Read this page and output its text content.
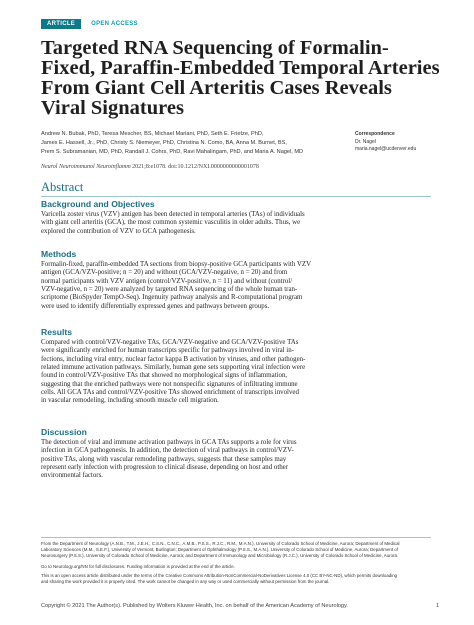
ARTICLE	OPEN ACCESS
Targeted RNA Sequencing of Formalin-Fixed, Paraffin-Embedded Temporal Arteries From Giant Cell Arteritis Cases Reveals Viral Signatures
Andrew N. Bubak, PhD, Teresa Mescher, BS, Michael Mariani, PhD, Seth E. Frietze, PhD,
James E. Hassell, Jr., PhD, Christy S. Niemeyer, PhD, Christina N. Como, BA, Anna M. Burnet, BS,
Prem S. Subramanian, MD, PhD, Randall J. Cohrs, PhD, Ravi Mahalingam, PhD, and Maria A. Nagel, MD
Correspondence
Dr. Nagel
maria.nagel@ucdenver.edu
Neurol Neuroimmunol Neuroinflamm 2021;8:e1078. doi:10.1212/NXI.0000000000001078
Abstract
Background and Objectives

Varicella zoster virus (VZV) antigen has been detected in temporal arteries (TAs) of individuals
with giant cell arteritis (GCA), the most common systemic vasculitis in older adults. Thus, we
explored the contribution of VZV to GCA pathogenesis.

Methods

Formalin-fixed, paraffin-embedded TA sections from biopsy-positive GCA participants with VZV
antigen (GCA/VZV-positive; n = 20) and without (GCA/VZV-negative, n = 20) and from
normal participants with VZV antigen (control/VZV-positive, n = 11) and without (control/
VZV-negative, n = 20) were analyzed by targeted RNA sequencing of the whole human tran-
scriptome (BioSpyder TempO-Seq). Ingenuity pathway analysis and R-computational program
were used to identify differentially expressed genes and pathways between groups.

Results

Compared with control/VZV-negative TAs, GCA/VZV-negative and GCA/VZV-positive TAs
were significantly enriched for human transcripts specific for pathways involved in viral in-
fections, including viral entry, nuclear factor kappa B activation by viruses, and other pathogen-
related immune activation pathways. Similarly, human gene sets supporting viral infection were
found in control/VZV-positive TAs that showed no morphological signs of inflammation,
suggesting that the enriched pathways were not nonspecific signatures of infiltrating immune
cells. All GCA TAs and control/VZV-positive TAs showed enrichment of transcripts involved
in vascular remodeling, including smooth muscle cell migration.

Discussion

The detection of viral and immune activation pathways in GCA TAs supports a role for virus
infection in GCA pathogenesis. In addition, the detection of viral pathways in control/VZV-
positive TAs, along with vascular remodeling pathways, suggests that these samples may
represent early infection with progression to clinical disease, depending on host and other
environmental factors.

From the Department of Neurology (A.N.B., T.M., J.E.H., C.S.N., C.N.C., A.M.B., P.S.S., R.J.C., R.M., M.A.N.), University of Colorado School of Medicine, Aurora; Department of Medical
Laboratory Sciences (M.M., S.E.F.), University of Vermont, Burlington; Department of Ophthalmology (P.S.S., M.A.N.), University of Colorado School of Medicine, Aurora; Department of
Neurosurgery (P.S.S.), University of Colorado School of Medicine, Aurora; and Department of Immunology and Microbiology (R.J.C.), University of Colorado School of Medicine, Aurora.
Go to Neurology.org/NN for full disclosures. Funding information is provided at the end of the article.
This is an open access article distributed under the terms of the Creative Commons Attribution-NonCommercial-NoDerivatives License 4.0 (CC BY-NC-ND), which permits downloading
and sharing the work provided it is properly cited. The work cannot be changed in any way or used commercially without permission from the journal.
Copyright © 2021 The Author(s). Published by Wolters Kluwer Health, Inc. on behalf of the American Academy of Neurology.	1
